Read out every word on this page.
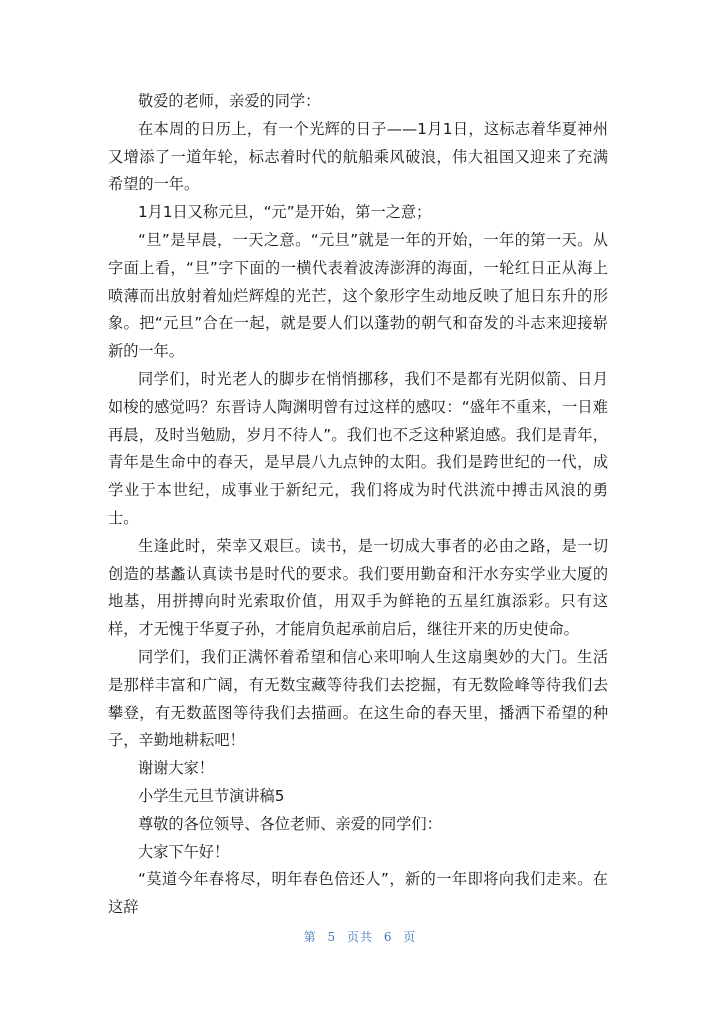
敬爱的老师，亲爱的同学：

在本周的日历上，有一个光辉的日子——1月1日，这标志着华夏神州又增添了一道年轮，标志着时代的航船乘风破浪，伟大祖国又迎来了充满希望的一年。

1月1日又称元旦，“元”是开始，第一之意；

“旦”是早晨，一天之意。“元旦”就是一年的开始，一年的第一天。从字面上看，“旦”字下面的一横代表着波涛澎湃的海面，一轮红日正从海上喷薄而出放射着灿烂辉煌的光芒，这个象形字生动地反映了旭日东升的形象。把“元旦”合在一起，就是要人们以蓬勃的朝气和奋发的斗志来迎接崭新的一年。

同学们，时光老人的脚步在悄悄挪移，我们不是都有光阴似箭、日月如梭的感觉吗？东晋诗人陶渊明曾有过这样的感叹：“盛年不重来，一日难再晨，及时当勉励，岁月不待人”。我们也不乏这种紧迫感。我们是青年，青年是生命中的春天，是早晨八九点钟的太阳。我们是跨世纪的一代，成学业于本世纪，成事业于新纪元，我们将成为时代洪流中搏击风浪的勇士。

生逢此时，荣幸又艰巨。读书，是一切成大事者的必由之路，是一切创造的基蠡认真读书是时代的要求。我们要用勤奋和汗水夯实学业大厦的地基，用拼搏向时光索取价值，用双手为鲜艳的五星红旗添彩。只有这样，才无愧于华夏子孙，才能肩负起承前启后，继往开来的历史使命。

同学们，我们正满怀着希望和信心来叩响人生这扇奥妙的大门。生活是那样丰富和广阔，有无数宝藏等待我们去挖掘，有无数险峰等待我们去攀登，有无数蓝图等待我们去描画。在这生命的春天里，播洒下希望的种子，辛勤地耕耘吧！

谢谢大家！

小学生元旦节演讲稿5

尊敬的各位领导、各位老师、亲爱的同学们：

大家下午好！

“莫道今年春将尽，明年春色倍还人”，新的一年即将向我们走来。在这辞

第 5 页共 6 页
